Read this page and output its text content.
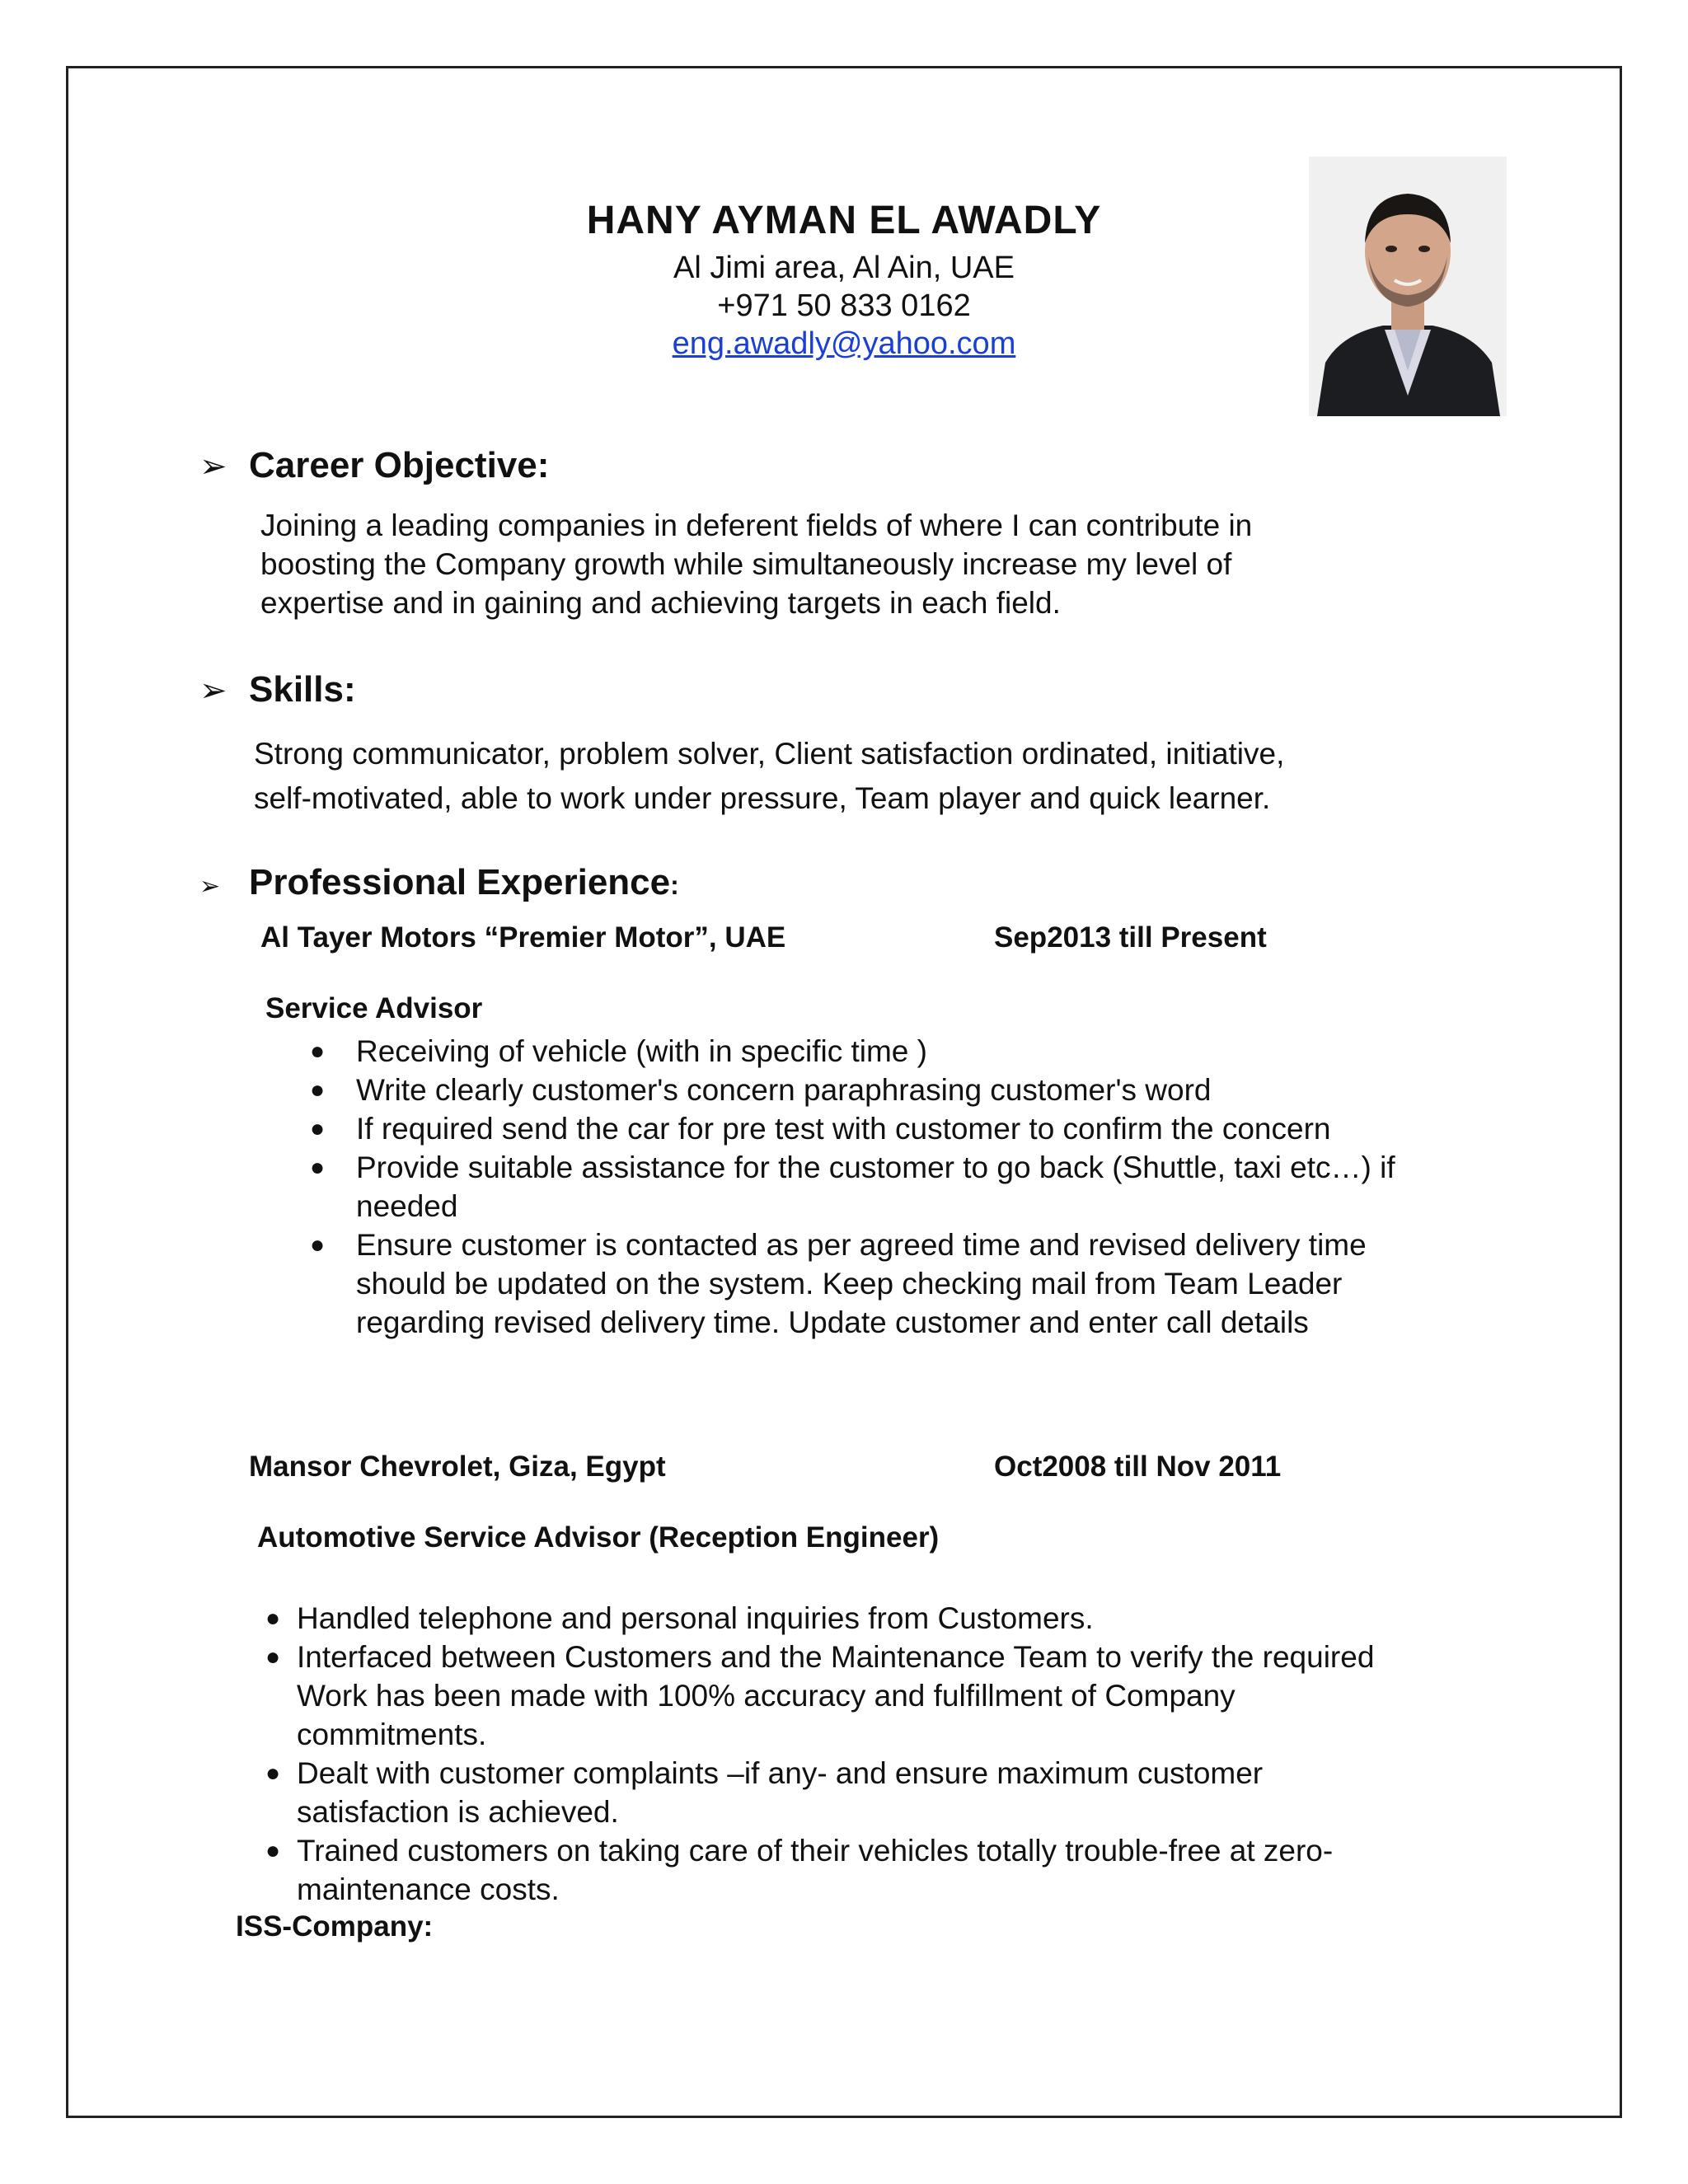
HANY AYMAN EL AWADLY
Al Jimi area, Al Ain, UAE
+971 50 833 0162
eng.awadly@yahoo.com
➢ Career Objective:
Joining a leading companies in deferent fields of where I can contribute in
boosting the Company growth while simultaneously increase my level of
expertise and in gaining and achieving targets in each field.
➢ Skills:
Strong communicator, problem solver, Client satisfaction ordinated, initiative,
self-motivated, able to work under pressure, Team player and quick learner.
➢ Professional Experience:
Al Tayer Motors “Premier Motor”, UAE	Sep2013 till Present
Service Advisor
● Receiving of vehicle (with in specific time )
● Write clearly customer's concern paraphrasing customer's word
● If required send the car for pre test with customer to confirm the concern
● Provide suitable assistance for the customer to go back (Shuttle, taxi etc…) if
needed
● Ensure customer is contacted as per agreed time and revised delivery time
should be updated on the system. Keep checking mail from Team Leader
regarding revised delivery time. Update customer and enter call details
Mansor Chevrolet, Giza, Egypt	Oct2008 till Nov 2011
Automotive Service Advisor (Reception Engineer)
● Handled telephone and personal inquiries from Customers.
● Interfaced between Customers and the Maintenance Team to verify the required
Work has been made with 100% accuracy and fulfillment of Company
commitments.
● Dealt with customer complaints –if any- and ensure maximum customer
satisfaction is achieved.
● Trained customers on taking care of their vehicles totally trouble-free at zero-
maintenance costs.
ISS-Company:
